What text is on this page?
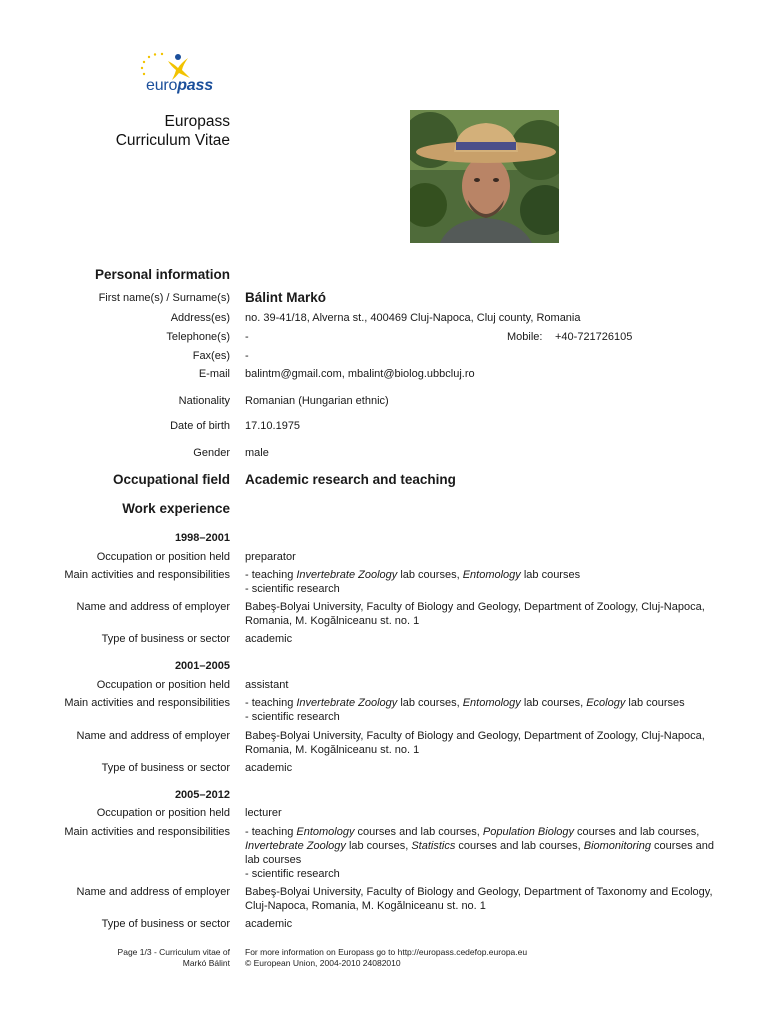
europass
Europass
Curriculum Vitae
Personal information
First name(s) / Surname(s) Bálint Markó
Address(es) no. 39-41/18, Alverna st., 400469 Cluj-Napoca, Cluj county, Romania
Telephone(s) -	Mobile: +40-721726105
Fax(es) -
E-mail balintm@gmail.com, mbalint@biolog.ubbcluj.ro
Nationality Romanian (Hungarian ethnic)
Date of birth 17.10.1975
Gender male
Occupational field Academic research and teaching
Work experience
1998–2001
Occupation or position held preparator
Main activities and responsibilities - teaching Invertebrate Zoology lab courses, Entomology lab courses
- scientific research
Name and address of employer Babeş-Bolyai University, Faculty of Biology and Geology, Department of Zoology, Cluj-Napoca, Romania, M. Kogălniceanu st. no. 1
Type of business or sector academic
2001–2005
Occupation or position held assistant
Main activities and responsibilities - teaching Invertebrate Zoology lab courses, Entomology lab courses, Ecology lab courses
- scientific research
Name and address of employer Babeş-Bolyai University, Faculty of Biology and Geology, Department of Zoology, Cluj-Napoca, Romania, M. Kogălniceanu st. no. 1
Type of business or sector academic
2005–2012
Occupation or position held lecturer
Main activities and responsibilities - teaching Entomology courses and lab courses, Population Biology courses and lab courses, Invertebrate Zoology lab courses, Statistics courses and lab courses, Biomonitoring courses and lab courses
- scientific research
Name and address of employer Babeş-Bolyai University, Faculty of Biology and Geology, Department of Taxonomy and Ecology, Cluj-Napoca, Romania, M. Kogălniceanu st. no. 1
Type of business or sector academic
Page 1/3 - Curriculum vitae of
Markó Bálint
For more information on Europass go to http://europass.cedefop.europa.eu
© European Union, 2004-2010 24082010
